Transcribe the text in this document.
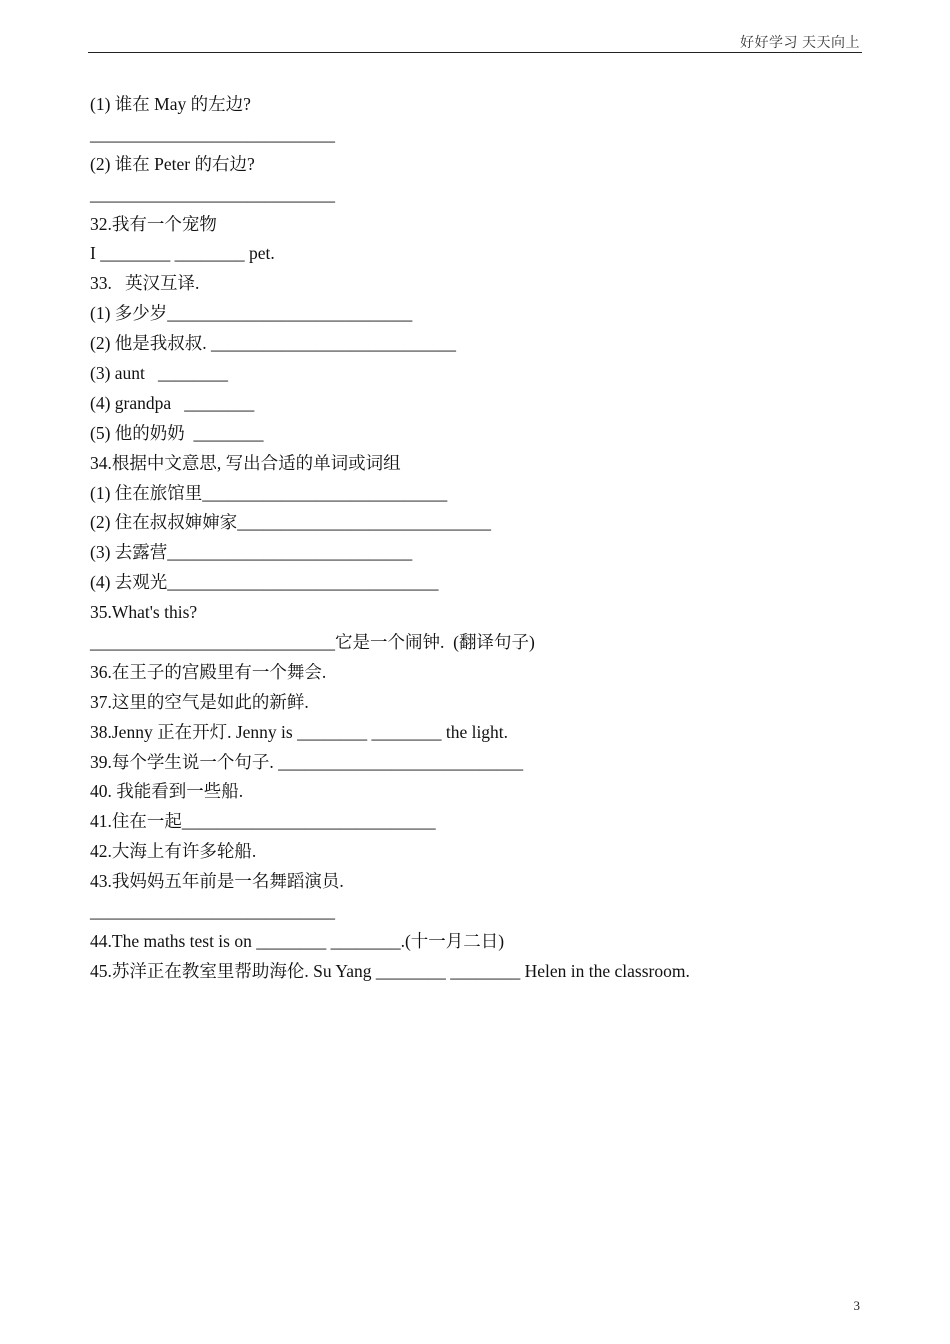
好好学习 天天向上
(1) 谁在 May 的左边?
____________________________
(2) 谁在 Peter 的右边?
____________________________
32.我有一个宠物
I ________ ________ pet.
33.   英汉互译.
(1) 多少岁____________________________
(2) 他是我叔叔. ____________________________
(3) aunt   ________
(4) grandpa   ________
(5) 他的奶奶  ________
34.根据中文意思, 写出合适的单词或词组
(1) 住在旅馆里____________________________
(2) 住在叔叔婶婶家_____________________________
(3) 去露营____________________________
(4) 去观光_______________________________
35.What's this?
____________________________它是一个闹钟.  (翻译句子)
36.在王子的宫殿里有一个舞会.
37.这里的空气是如此的新鲜.
38.Jenny 正在开灯. Jenny is ________ ________ the light.
39.每个学生说一个句子. ____________________________
40. 我能看到一些船.
41.住在一起_____________________________
42.大海上有许多轮船.
43.我妈妈五年前是一名舞蹈演员.
____________________________
44.The maths test is on ________ ________.(十一月二日)
45.苏洋正在教室里帮助海伦. Su Yang ________ ________ Helen in the classroom.
3
